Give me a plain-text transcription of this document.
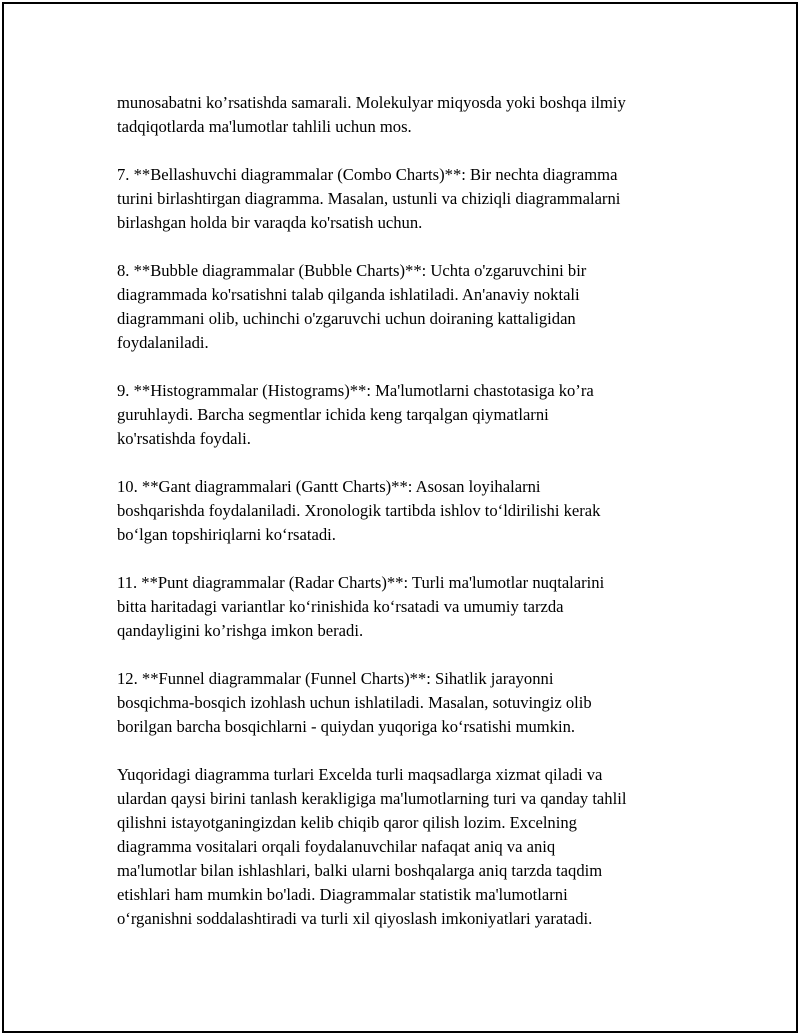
munosabatni ko’rsatishda samarali. Molekulyar miqyosda yoki boshqa ilmiy
tadqiqotlarda ma'lumotlar tahlili uchun mos.

7. **Bellashuvchi diagrammalar (Combo Charts)**: Bir nechta diagramma
turini birlashtirgan diagramma. Masalan, ustunli va chiziqli diagrammalarni
birlashgan holda bir varaqda ko'rsatish uchun.

8. **Bubble diagrammalar (Bubble Charts)**: Uchta o'zgaruvchini bir
diagrammada ko'rsatishni talab qilganda ishlatiladi. An'anaviy noktali
diagrammani olib, uchinchi o'zgaruvchi uchun doiraning kattaligidan
foydalaniladi.

9. **Histogrammalar (Histograms)**: Ma'lumotlarni chastotasiga ko’ra
guruhlaydi. Barcha segmentlar ichida keng tarqalgan qiymatlarni
ko'rsatishda foydali.

10. **Gant diagrammalari (Gantt Charts)**: Asosan loyihalarni
boshqarishda foydalaniladi. Xronologik tartibda ishlov to‘ldirilishi kerak
bo‘lgan topshiriqlarni ko‘rsatadi.

11. **Punt diagrammalar (Radar Charts)**: Turli ma'lumotlar nuqtalarini
bitta haritadagi variantlar ko‘rinishida ko‘rsatadi va umumiy tarzda
qandayligini ko’rishga imkon beradi.

12. **Funnel diagrammalar (Funnel Charts)**: Sihatlik jarayonni
bosqichma-bosqich izohlash uchun ishlatiladi. Masalan, sotuvingiz olib
borilgan barcha bosqichlarni - quiydan yuqoriga ko‘rsatishi mumkin.

Yuqoridagi diagramma turlari Excelda turli maqsadlarga xizmat qiladi va
ulardan qaysi birini tanlash kerakligiga ma'lumotlarning turi va qanday tahlil
qilishni istayotganingizdan kelib chiqib qaror qilish lozim. Excelning
diagramma vositalari orqali foydalanuvchilar nafaqat aniq va aniq
ma'lumotlar bilan ishlashlari, balki ularni boshqalarga aniq tarzda taqdim
etishlari ham mumkin bo'ladi. Diagrammalar statistik ma'lumotlarni
o‘rganishni soddalashtiradi va turli xil qiyoslash imkoniyatlari yaratadi.
